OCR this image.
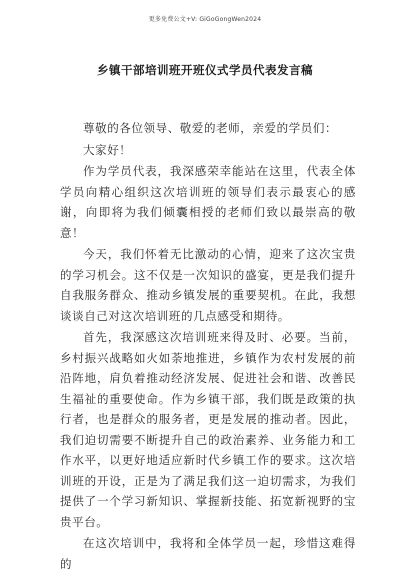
更多免费公文+V: GiGoGongWen2024
乡镇干部培训班开班仪式学员代表发言稿

尊敬的各位领导、敬爱的老师，亲爱的学员们：

大家好！

作为学员代表，我深感荣幸能站在这里，代表全体学员向精心组织这次培训班的领导们表示最衷心的感谢，向即将为我们倾囊相授的老师们致以最崇高的敬意！

今天，我们怀着无比激动的心情，迎来了这次宝贵的学习机会。这不仅是一次知识的盛宴，更是我们提升自我服务群众、推动乡镇发展的重要契机。在此，我想谈谈自己对这次培训班的几点感受和期待。

首先，我深感这次培训班来得及时、必要。当前，乡村振兴战略如火如荼地推进，乡镇作为农村发展的前沿阵地，肩负着推动经济发展、促进社会和谐、改善民生福祉的重要使命。作为乡镇干部，我们既是政策的执行者，也是群众的服务者，更是发展的推动者。因此，我们迫切需要不断提升自己的政治素养、业务能力和工作水平，以更好地适应新时代乡镇工作的要求。这次培训班的开设，正是为了满足我们这一迫切需求，为我们提供了一个学习新知识、掌握新技能、拓宽新视野的宝贵平台。

在这次培训中，我将和全体学员一起，珍惜这难得的
